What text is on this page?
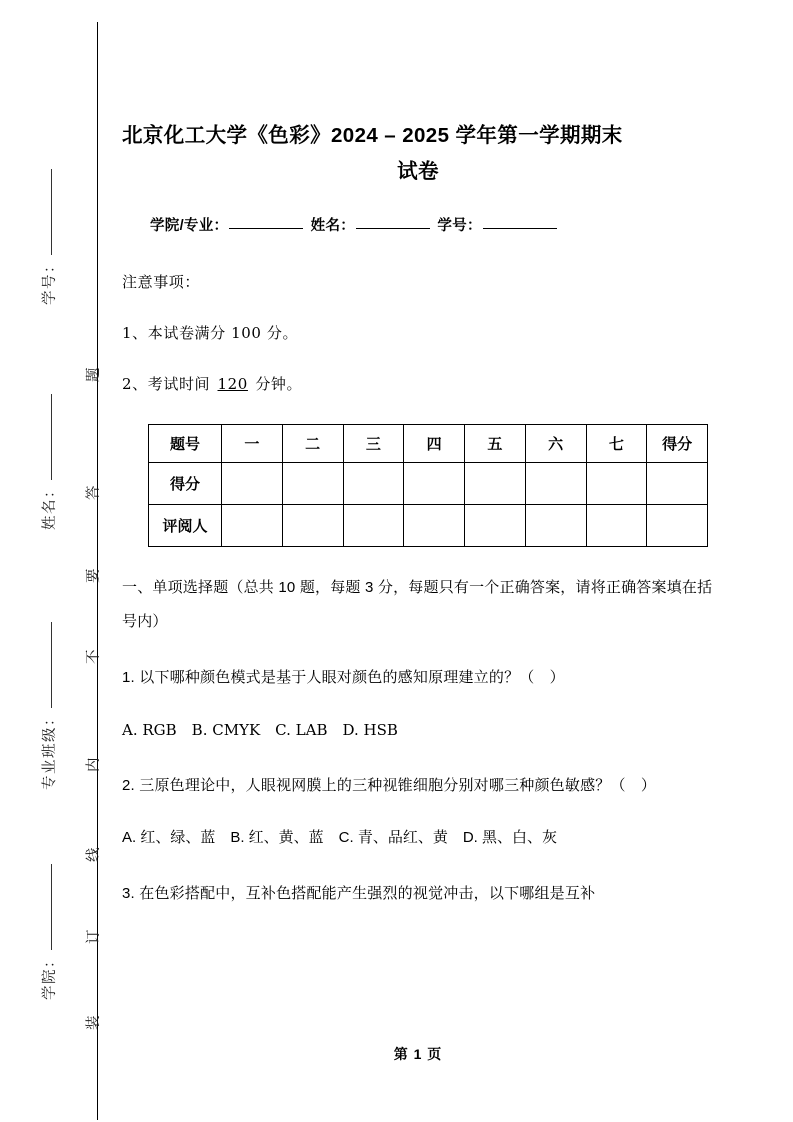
学号：
姓名：
专业班级：
学院：
题
答
要
不
内
线
订
装
北京化工大学《色彩》2024 – 2025 学年第一学期期末
试卷
学院/专业：	姓名：	学号：
注意事项：
1、本试卷满分 100 分。
2、考试时间 120 分钟。
题号	一	二	三	四	五	六	七	得分
得分								
评阅人								
一、单项选择题（总共 10 题，每题 3 分，每题只有一个正确答案，请将正确答案填在括号内）
1. 以下哪种颜色模式是基于人眼对颜色的感知原理建立的？（　）
A. RGB　B. CMYK　C. LAB　D. HSB
2. 三原色理论中，人眼视网膜上的三种视锥细胞分别对哪三种颜色敏感？（　）
A. 红、绿、蓝　B. 红、黄、蓝　C. 青、品红、黄　D. 黑、白、灰
3. 在色彩搭配中，互补色搭配能产生强烈的视觉冲击，以下哪组是互补
第 1 页
